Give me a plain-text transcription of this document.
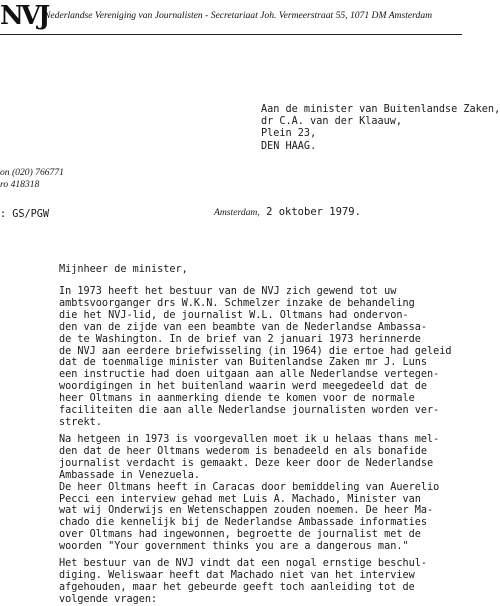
NVJ
Nederlandse Vereniging van Journalisten - Secretariaat Joh. Vermeerstraat 55, 1071 DM Amsterdam
Aan de minister van Buitenlandse Zaken,
dr C.A. van der Klaauw,
Plein 23,
DEN HAAG.
on (020) 766771
ro 418318
: GS/PGW	Amsterdam, 2 oktober 1979.
Mijnheer de minister,
In 1973 heeft het bestuur van de NVJ zich gewend tot uw
ambtsvoorganger drs W.K.N. Schmelzer inzake de behandeling
die het NVJ-lid, de journalist W.L. Oltmans had ondervon-
den van de zijde van een beambte van de Nederlandse Ambassa-
de te Washington. In de brief van 2 januari 1973 herinnerde
de NVJ aan eerdere briefwisseling (in 1964) die ertoe had geleid
dat de toenmalige minister van Buitenlandse Zaken mr J. Luns
een instructie had doen uitgaan aan alle Nederlandse vertegen-
woordigingen in het buitenland waarin werd meegedeeld dat de
heer Oltmans in aanmerking diende te komen voor de normale
faciliteiten die aan alle Nederlandse journalisten worden ver-
strekt.
Na hetgeen in 1973 is voorgevallen moet ik u helaas thans mel-
den dat de heer Oltmans wederom is benadeeld en als bonafide
journalist verdacht is gemaakt. Deze keer door de Nederlandse
Ambassade in Venezuela.
De heer Oltmans heeft in Caracas door bemiddeling van Auerelio
Pecci een interview gehad met Luis A. Machado, Minister van
wat wij Onderwijs en Wetenschappen zouden noemen. De heer Ma-
chado die kennelijk bij de Nederlandse Ambassade informaties
over Oltmans had ingewonnen, begroette de journalist met de
woorden "Your government thinks you are a dangerous man."
Het bestuur van de NVJ vindt dat een nogal ernstige beschul-
diging. Weliswaar heeft dat Machado niet van het interview
afgehouden, maar het gebeurde geeft toch aanleiding tot de
volgende vragen:
